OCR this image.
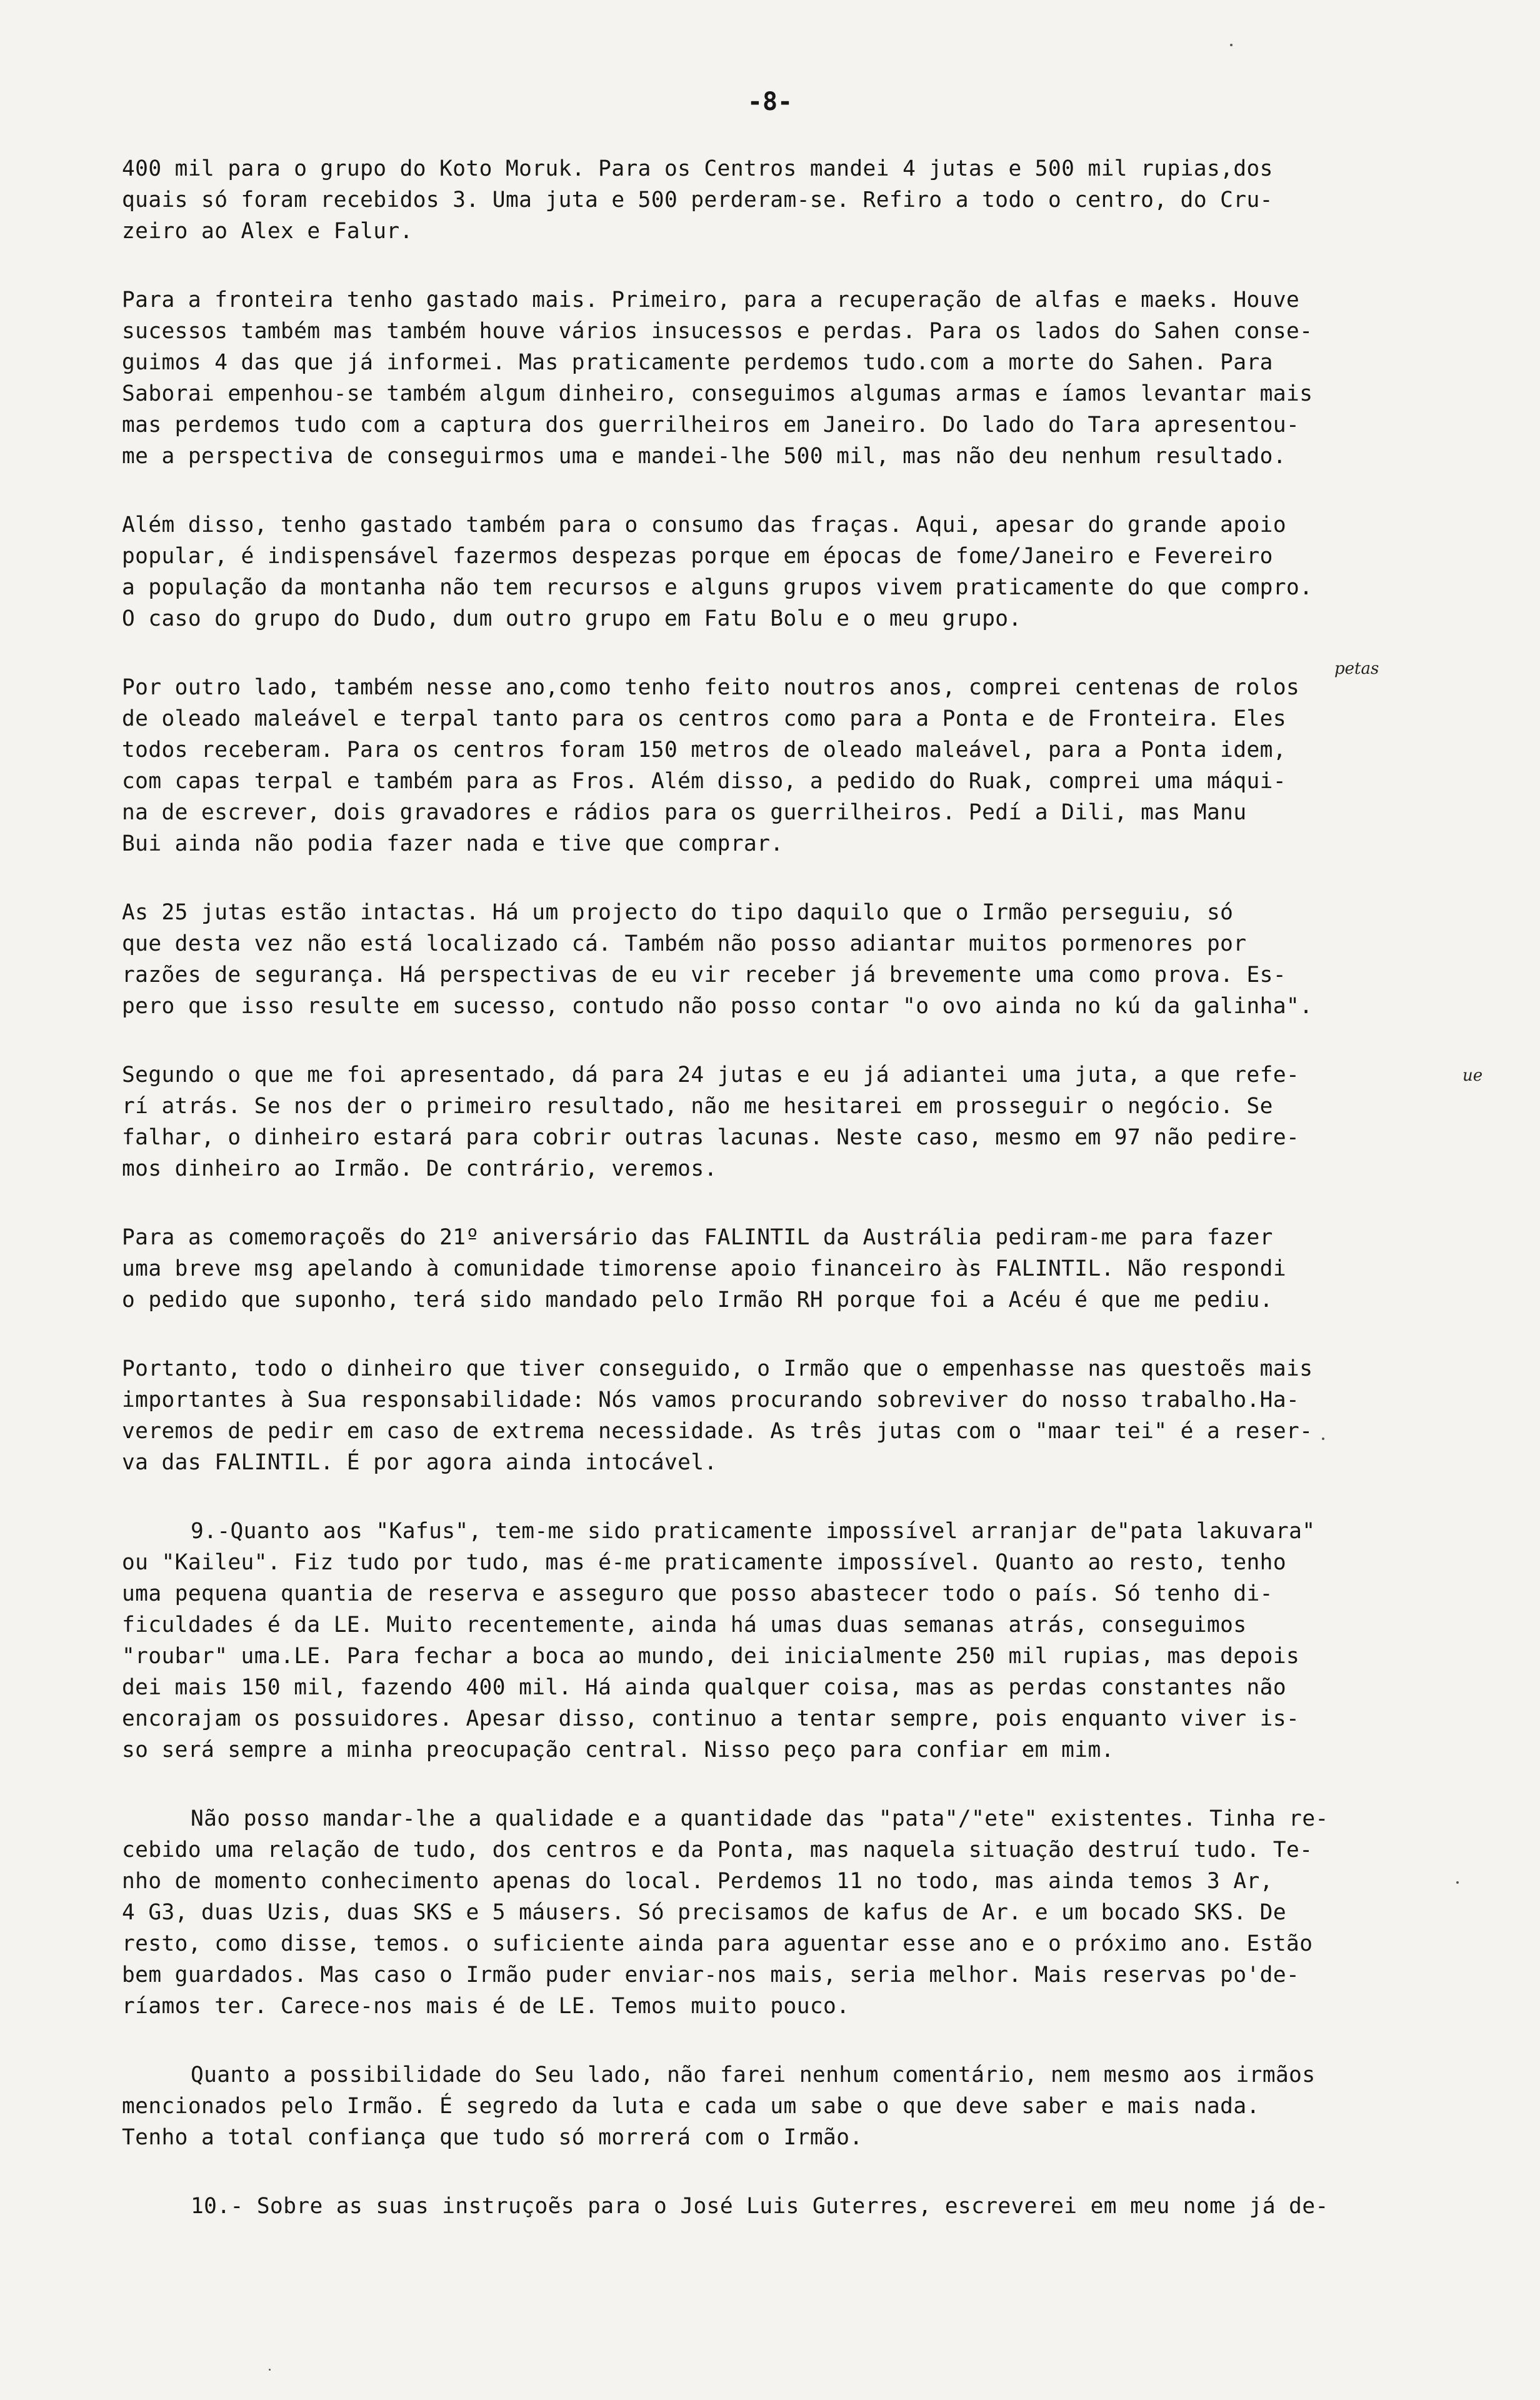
-8-
petas
ue
400 mil para o grupo do Koto Moruk. Para os Centros mandei 4 jutas e 500 mil rupias,dos
quais só foram recebidos 3. Uma juta e 500 perderam-se. Refiro a todo o centro, do Cru-
zeiro ao Alex e Falur.
Para a fronteira tenho gastado mais. Primeiro, para a recuperação de alfas e maeks. Houve
sucessos também mas também houve vários insucessos e perdas. Para os lados do Sahen conse-
guimos 4 das que já informei. Mas praticamente perdemos tudo.com a morte do Sahen. Para
Saborai empenhou-se também algum dinheiro, conseguimos algumas armas e íamos levantar mais
mas perdemos tudo com a captura dos guerrilheiros em Janeiro. Do lado do Tara apresentou-
me a perspectiva de conseguirmos uma e mandei-lhe 500 mil, mas não deu nenhum resultado.
Além disso, tenho gastado também para o consumo das fraças. Aqui, apesar do grande apoio
popular, é indispensável fazermos despezas porque em épocas de fome/Janeiro e Fevereiro
a população da montanha não tem recursos e alguns grupos vivem praticamente do que compro.
O caso do grupo do Dudo, dum outro grupo em Fatu Bolu e o meu grupo.
Por outro lado, também nesse ano,como tenho feito noutros anos, comprei centenas de rolos
de oleado maleável e terpal tanto para os centros como para a Ponta e de Fronteira. Eles
todos receberam. Para os centros foram 150 metros de oleado maleável, para a Ponta idem,
com capas terpal e também para as Fros. Além disso, a pedido do Ruak, comprei uma máqui-
na de escrever, dois gravadores e rádios para os guerrilheiros. Pedí a Dili, mas Manu
Bui ainda não podia fazer nada e tive que comprar.
As 25 jutas estão intactas. Há um projecto do tipo daquilo que o Irmão perseguiu, só
que desta vez não está localizado cá. Também não posso adiantar muitos pormenores por
razões de segurança. Há perspectivas de eu vir receber já brevemente uma como prova. Es-
pero que isso resulte em sucesso, contudo não posso contar "o ovo ainda no kú da galinha".
Segundo o que me foi apresentado, dá para 24 jutas e eu já adiantei uma juta, a que refe-
rí atrás. Se nos der o primeiro resultado, não me hesitarei em prosseguir o negócio. Se
falhar, o dinheiro estará para cobrir outras lacunas. Neste caso, mesmo em 97 não pedire-
mos dinheiro ao Irmão. De contrário, veremos.
Para as comemoraçoẽs do 21º aniversário das FALINTIL da Austrália pediram-me para fazer
uma breve msg apelando à comunidade timorense apoio financeiro às FALINTIL. Não respondi
o pedido que suponho, terá sido mandado pelo Irmão RH porque foi a Acéu é que me pediu.
Portanto, todo o dinheiro que tiver conseguido, o Irmão que o empenhasse nas questoẽs mais
importantes à Sua responsabilidade: Nós vamos procurando sobreviver do nosso trabalho.Ha-
veremos de pedir em caso de extrema necessidade. As três jutas com o "maar tei" é a reser-
va das FALINTIL. É por agora ainda intocável.
9.-Quanto aos "Kafus", tem-me sido praticamente impossível arranjar de"pata lakuvara"
ou "Kaileu". Fiz tudo por tudo, mas é-me praticamente impossível. Quanto ao resto, tenho
uma pequena quantia de reserva e asseguro que posso abastecer todo o país. Só tenho di-
ficuldades é da LE. Muito recentemente, ainda há umas duas semanas atrás, conseguimos
"roubar" uma.LE. Para fechar a boca ao mundo, dei inicialmente 250 mil rupias, mas depois
dei mais 150 mil, fazendo 400 mil. Há ainda qualquer coisa, mas as perdas constantes não
encorajam os possuidores. Apesar disso, continuo a tentar sempre, pois enquanto viver is-
so será sempre a minha preocupação central. Nisso peço para confiar em mim.
Não posso mandar-lhe a qualidade e a quantidade das "pata"/"ete" existentes. Tinha re-
cebido uma relação de tudo, dos centros e da Ponta, mas naquela situação destruí tudo. Te-
nho de momento conhecimento apenas do local. Perdemos 11 no todo, mas ainda temos 3 Ar,
4 G3, duas Uzis, duas SKS e 5 máusers. Só precisamos de kafus de Ar. e um bocado SKS. De
resto, como disse, temos. o suficiente ainda para aguentar esse ano e o próximo ano. Estão
bem guardados. Mas caso o Irmão puder enviar-nos mais, seria melhor. Mais reservas po'de-
ríamos ter. Carece-nos mais é de LE. Temos muito pouco.
Quanto a possibilidade do Seu lado, não farei nenhum comentário, nem mesmo aos irmãos
mencionados pelo Irmão. É segredo da luta e cada um sabe o que deve saber e mais nada.
Tenho a total confiança que tudo só morrerá com o Irmão.
10.- Sobre as suas instruçoẽs para o José Luis Guterres, escreverei em meu nome já de-
